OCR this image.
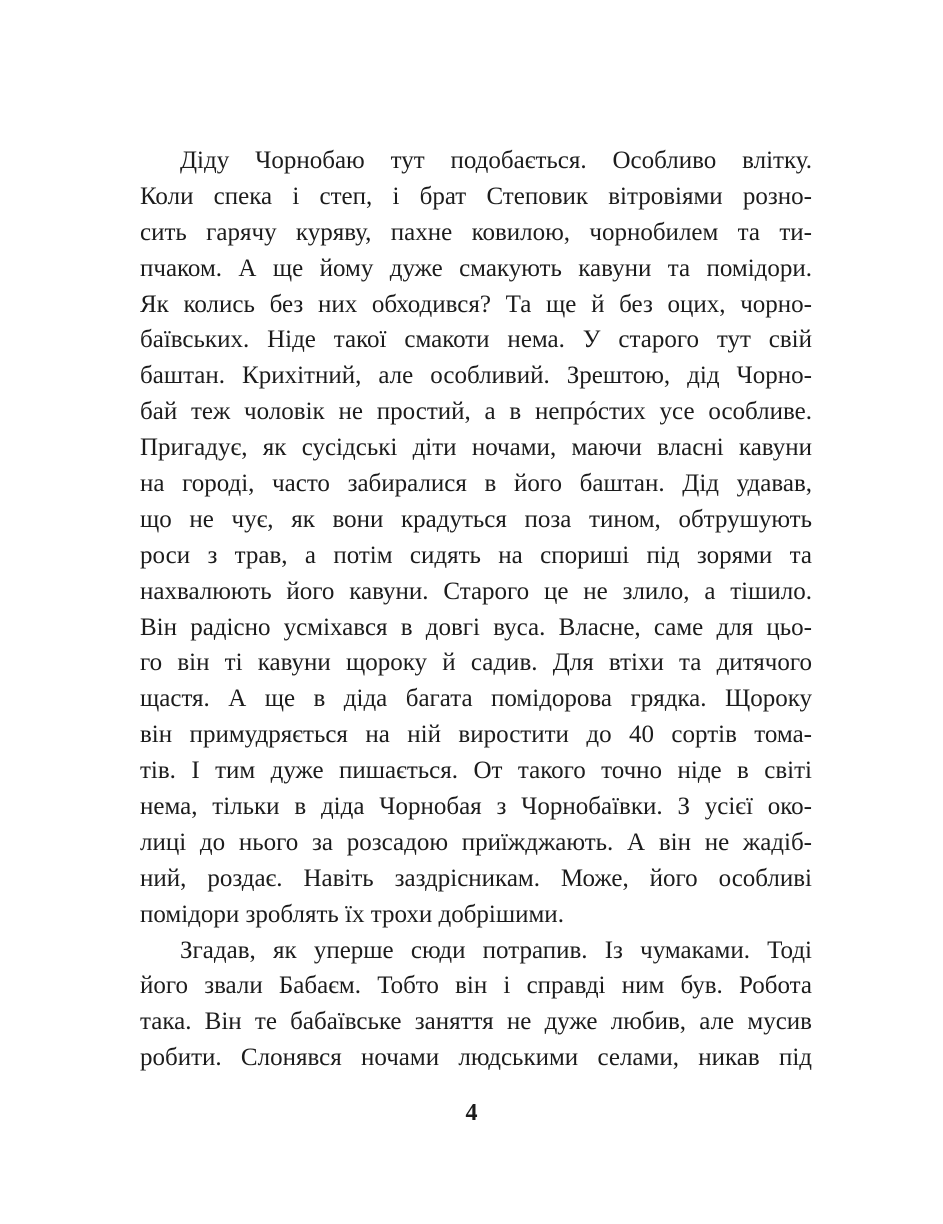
Діду Чорнобаю тут подобається. Особливо влітку.
Коли спека і степ, і брат Степовик вітровіями розно-
сить гарячу куряву, пахне ковилою, чорнобилем та ти-
пчаком. А ще йому дуже смакують кавуни та помідори.
Як колись без них обходився? Та ще й без оцих, чорно-
баївських. Ніде такої смакоти нема. У старого тут свій
баштан. Крихітний, але особливий. Зрештою, дід Чорно-
бай теж чоловік не простий, а в непрóстих усе особливе.
Пригадує, як сусідські діти ночами, маючи власні кавуни
на городі, часто забиралися в його баштан. Дід удавав,
що не чує, як вони крадуться поза тином, обтрушують
роси з трав, а потім сидять на спориші під зорями та
нахвалюють його кавуни. Старого це не злило, а тішило.
Він радісно усміхався в довгі вуса. Власне, саме для цьо-
го він ті кавуни щороку й садив. Для втіхи та дитячого
щастя. А ще в діда багата помідорова грядка. Щороку
він примудряється на ній виростити до 40 сортів тома-
тів. І тим дуже пишається. От такого точно ніде в світі
нема, тільки в діда Чорнобая з Чорнобаївки. З усієї око-
лиці до нього за розсадою приїжджають. А він не жадіб-
ний, роздає. Навіть заздрісникам. Може, його особливі
помідори зроблять їх трохи добрішими.
Згадав, як уперше сюди потрапив. Із чумаками. Тоді
його звали Бабаєм. Тобто він і справді ним був. Робота
така. Він те бабаївське заняття не дуже любив, але мусив
робити. Слонявся ночами людськими селами, никав під
4
